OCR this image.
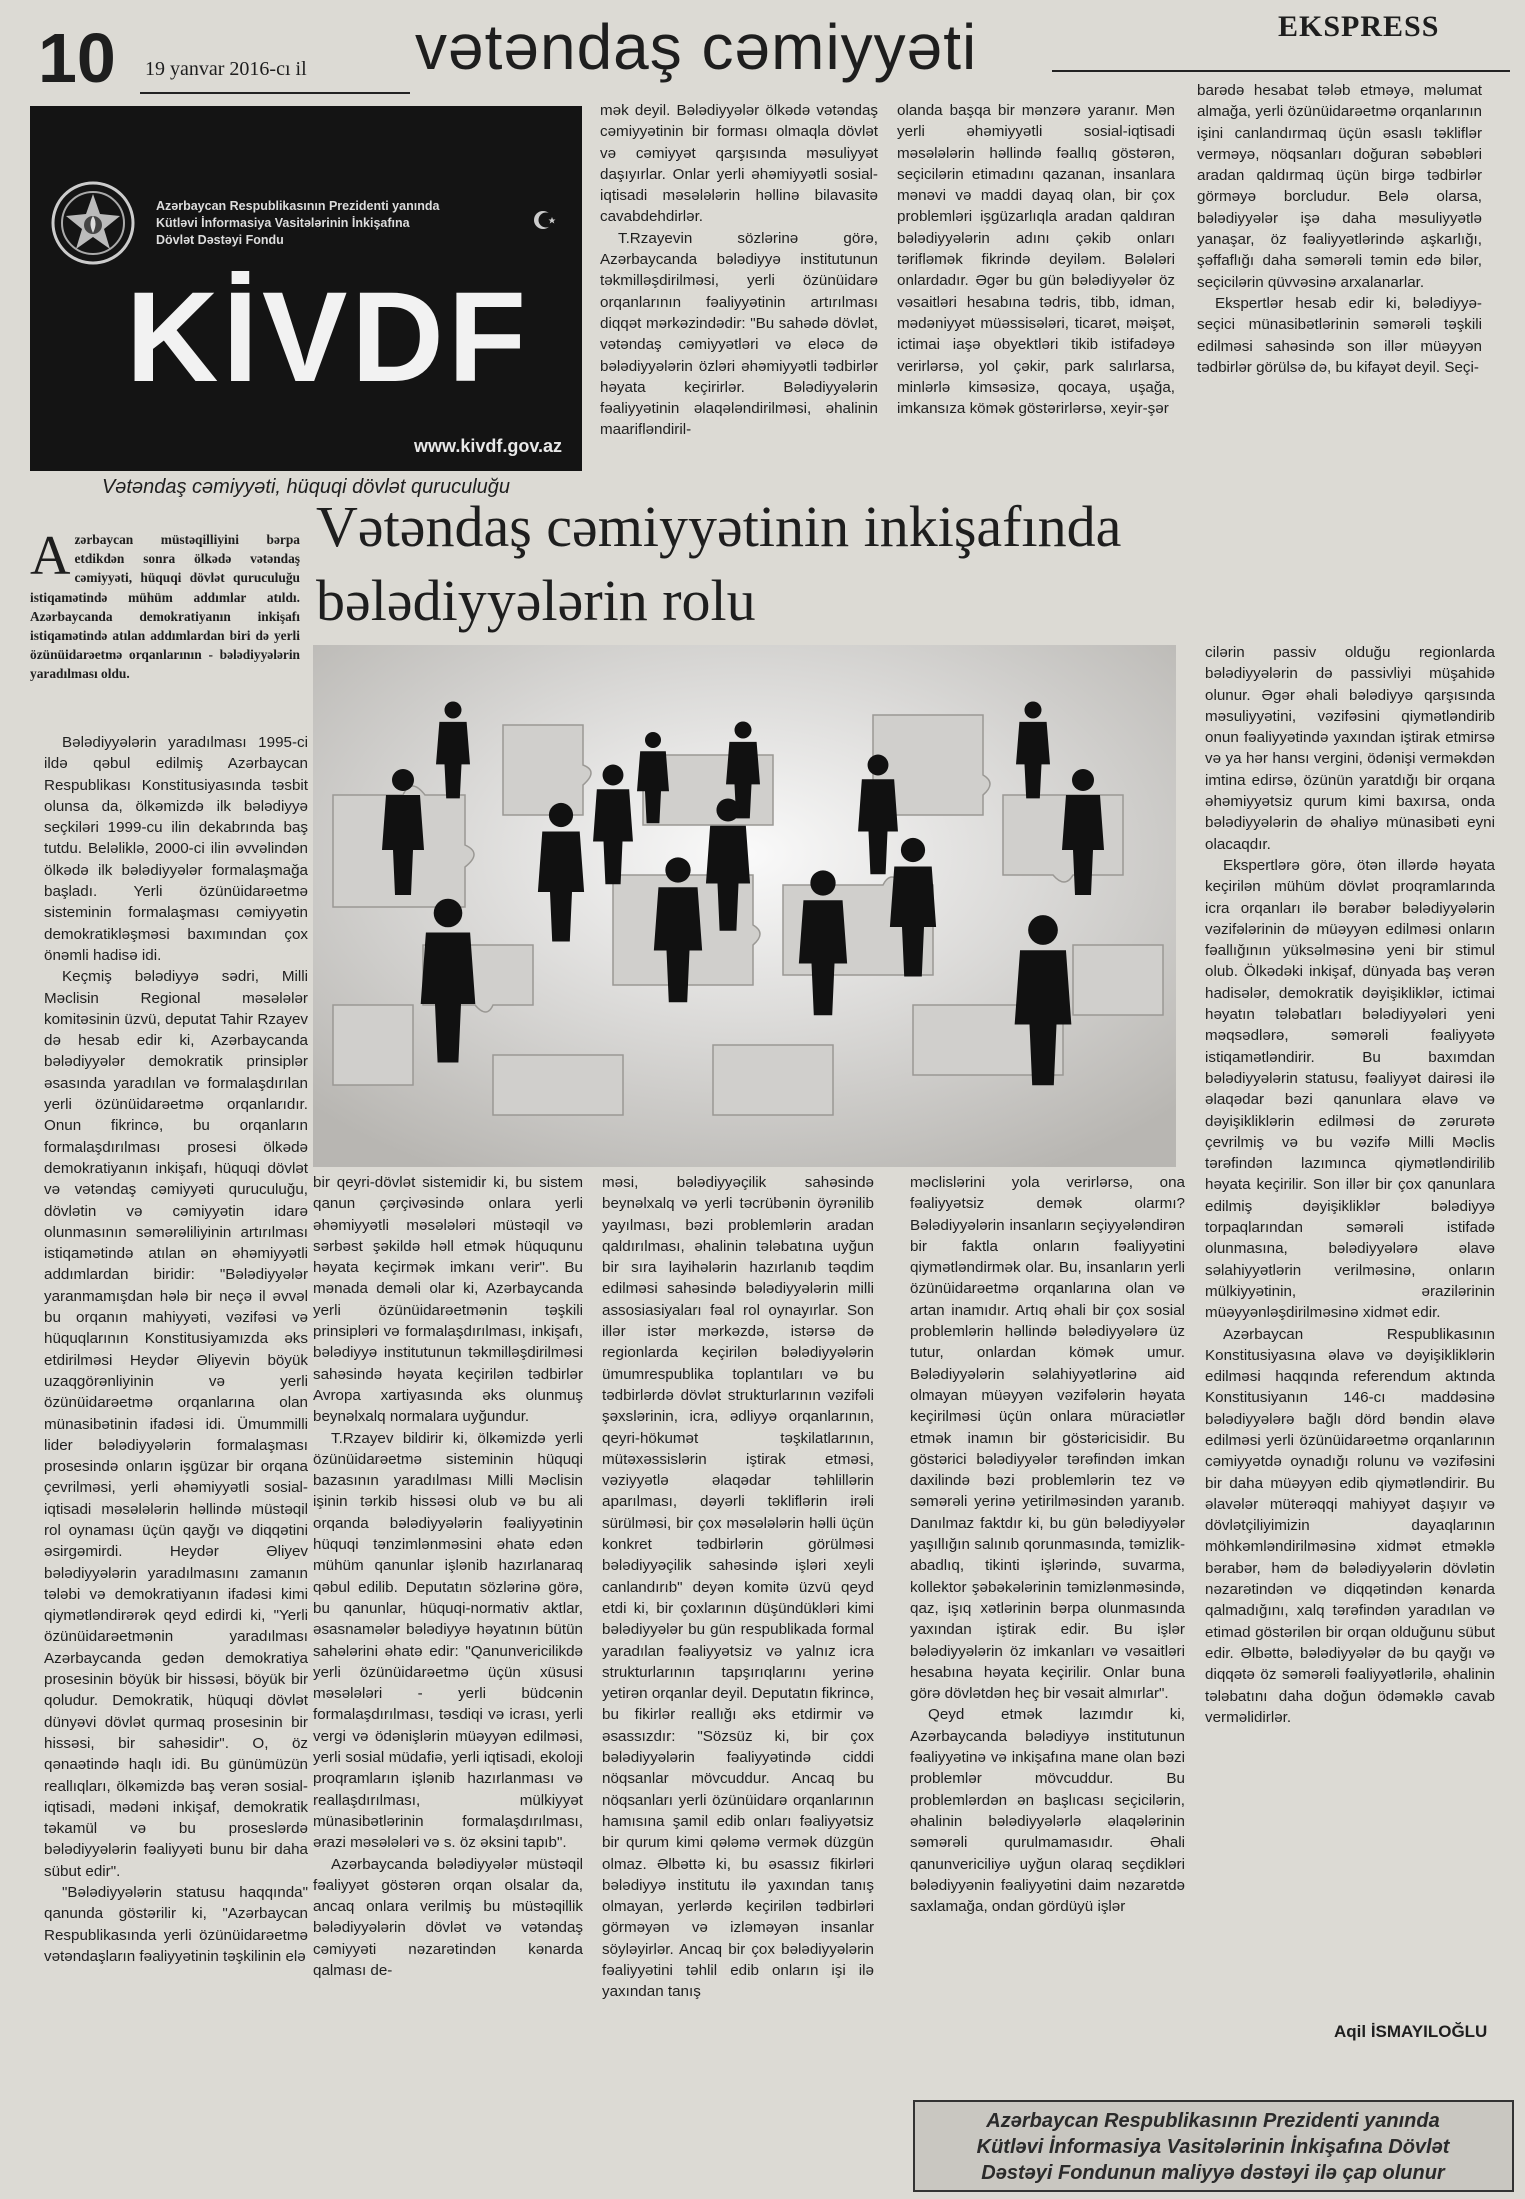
10 19 yanvar 2016-cı il vətəndaş cəmiyyəti	EKSPRESS
Azərbaycan Respublikasının Prezidenti yanında
Kütləvi İnformasiya Vasitələrinin İnkişafına
Dövlət Dəstəyi Fondu
KİVDF
www.kivdf.gov.az
Vətəndaş cəmiyyəti, hüquqi dövlət quruculuğu

mək deyil. Bələdiyyələr ölkədə vətəndaş cəmiyyətinin bir forması olmaqla dövlət və cəmiyyət qarşısında məsuliyyət daşıyırlar. Onlar yerli əhəmiyyətli sosial-iqtisadi məsələlərin həllinə bilavasitə cavabdehdirlər.

T.Rzayevin sözlərinə görə, Azərbaycanda bələdiyyə institutunun təkmilləşdirilməsi, yerli özünüidarə orqanlarının fəaliyyətinin artırılması diqqət mərkəzindədir: "Bu sahədə dövlət, vətəndaş cəmiyyətləri və eləcə də bələdiyyələrin özləri əhəmiyyətli tədbirlər həyata keçirirlər. Bələdiyyələrin fəaliyyətinin əlaqələndirilməsi, əhalinin maarifləndiril-

olanda başqa bir mənzərə yaranır. Mən yerli əhəmiyyətli sosial-iqtisadi məsələlərin həllində fəallıq göstərən, seçicilərin etimadını qazanan, insanlara mənəvi və maddi dayaq olan, bir çox problemləri işgüzarlıqla aradan qaldıran bələdiyyələrin adını çəkib onları tərifləmək fikrində deyiləm. Bələləri onlardadır. Əgər bu gün bələdiyyələr öz vəsaitləri hesabına tədris, tibb, idman, mədəniyyət müəssisələri, ticarət, məişət, ictimai iaşə obyektləri tikib istifadəyə verirlərsə, yol çəkir, park salırlarsa, minlərlə kimsəsizə, qocaya, uşağa, imkansıza kömək göstərirlərsə, xeyir-şər

barədə hesabat tələb etməyə, məlumat almağa, yerli özünüidarəetmə orqanlarının işini canlandırmaq üçün əsaslı təkliflər verməyə, nöqsanları doğuran səbəbləri aradan qaldırmaq üçün birgə tədbirlər görməyə borcludur. Belə olarsa, bələdiyyələr işə daha məsuliyyətlə yanaşar, öz fəaliyyətlərində aşkarlığı, şəffaflığı daha səmərəli təmin edə bilər, seçicilərin qüvvəsinə arxalanarlar.

Ekspertlər hesab edir ki, bələdiyyə-seçici münasibətlərinin səmərəli təşkili edilməsi sahəsində son illər müəyyən tədbirlər görülsə də, bu kifayət deyil. Seçi-

Vətəndaş cəmiyyətinin inkişafında
bələdiyyələrin rolu
Azərbaycan müstəqilliyini bərpa etdikdən sonra ölkədə vətəndaş cəmiyyəti, hüquqi dövlət quruculuğu istiqamətində mühüm addımlar atıldı. Azərbaycanda demokratiyanın inkişafı istiqamətində atılan addımlardan biri də yerli özünüidarəetmə orqanlarının - bələdiyyələrin yaradılması oldu.

Bələdiyyələrin yaradılması 1995-ci ildə qəbul edilmiş Azərbaycan Respublikası Konstitusiyasında təsbit olunsa da, ölkəmizdə ilk bələdiyyə seçkiləri 1999-cu ilin dekabrında baş tutdu. Beləliklə, 2000-ci ilin əvvəlindən ölkədə ilk bələdiyyələr formalaşmağa başladı. Yerli özünüidarəetmə sisteminin formalaşması cəmiyyətin demokratikləşməsi baxımından çox önəmli hadisə idi.

Keçmiş bələdiyyə sədri, Milli Məclisin Regional məsələlər komitəsinin üzvü, deputat Tahir Rzayev də hesab edir ki, Azərbaycanda bələdiyyələr demokratik prinsiplər əsasında yaradılan və formalaşdırılan yerli özünüidarəetmə orqanlarıdır. Onun fikrincə, bu orqanların formalaşdırılması prosesi ölkədə demokratiyanın inkişafı, hüquqi dövlət və vətəndaş cəmiyyəti quruculuğu, dövlətin və cəmiyyətin idarə olunmasının səmərəliliyinin artırılması istiqamətində atılan ən əhəmiyyətli addımlardan biridir: "Bələdiyyələr yaranmamışdan hələ bir neçə il əvvəl bu orqanın mahiyyəti, vəzifəsi və hüquqlarının Konstitusiyamızda əks etdirilməsi Heydər Əliyevin böyük uzaqgörənliyinin və yerli özünüidarəetmə orqanlarına olan münasibətinin ifadəsi idi. Ümummilli lider bələdiyyələrin formalaşması prosesində onların işgüzar bir orqana çevrilməsi, yerli əhəmiyyətli sosial-iqtisadi məsələlərin həllində müstəqil rol oynaması üçün qayğı və diqqətini əsirgəmirdi. Heydər Əliyev bələdiyyələrin yaradılmasını zamanın tələbi və demokratiyanın ifadəsi kimi qiymətləndirərək qeyd edirdi ki, "Yerli özünüidarəetmənin yaradılması Azərbaycanda gedən demokratiya prosesinin böyük bir hissəsi, böyük bir qoludur. Demokratik, hüquqi dövlət dünyəvi dövlət qurmaq prosesinin bir hissəsi, bir sahəsidir". O, öz qənaətində haqlı idi. Bu günümüzün reallıqları, ölkəmizdə baş verən sosial-iqtisadi, mədəni inkişaf, demokratik təkamül və bu proseslərdə bələdiyyələrin fəaliyyəti bunu bir daha sübut edir".

"Bələdiyyələrin statusu haqqında" qanunda göstərilir ki, "Azərbaycan Respublikasında yerli özünüidarəetmə vətəndaşların fəaliyyətinin təşkilinin elə

bir qeyri-dövlət sistemidir ki, bu sistem qanun çərçivəsində onlara yerli əhəmiyyətli məsələləri müstəqil və sərbəst şəkildə həll etmək hüququnu həyata keçirmək imkanı verir". Bu mənada deməli olar ki, Azərbaycanda yerli özünüidarəetmənin təşkili prinsipləri və formalaşdırılması, inkişafı, bələdiyyə institutunun təkmilləşdirilməsi sahəsində həyata keçirilən tədbirlər Avropa xartiyasında əks olunmuş beynəlxalq normalara uyğundur.

T.Rzayev bildirir ki, ölkəmizdə yerli özünüidarəetmə sisteminin hüquqi bazasının yaradılması Milli Məclisin işinin tərkib hissəsi olub və bu ali orqanda bələdiyyələrin fəaliyyətinin hüquqi tənzimlənməsini əhatə edən mühüm qanunlar işlənib hazırlanaraq qəbul edilib. Deputatın sözlərinə görə, bu qanunlar, hüquqi-normativ aktlar, əsasnamələr bələdiyyə həyatının bütün sahələrini əhatə edir: "Qanunvericilikdə yerli özünüidarəetmə üçün xüsusi məsələləri - yerli büdcənin formalaşdırılması, təsdiqi və icrası, yerli vergi və ödənişlərin müəyyən edilməsi, yerli sosial müdafiə, yerli iqtisadi, ekoloji proqramların işlənib hazırlanması və reallaşdırılması, mülkiyyət münasibətlərinin formalaşdırılması, ərazi məsələləri və s. öz əksini tapıb".

Azərbaycanda bələdiyyələr müstəqil fəaliyyət göstərən orqan olsalar da, ancaq onlara verilmiş bu müstəqillik bələdiyyələrin dövlət və vətəndaş cəmiyyəti nəzarətindən kənarda qalması de-

məsi, bələdiyyəçilik sahəsində beynəlxalq və yerli təcrübənin öyrənilib yayılması, bəzi problemlərin aradan qaldırılması, əhalinin tələbatına uyğun bir sıra layihələrin hazırlanıb təqdim edilməsi sahəsində bələdiyyələrin milli assosiasiyaları fəal rol oynayırlar. Son illər istər mərkəzdə, istərsə də regionlarda keçirilən bələdiyyələrin ümumrespublika toplantıları və bu tədbirlərdə dövlət strukturlarının vəzifəli şəxslərinin, icra, ədliyyə orqanlarının, qeyri-hökumət təşkilatlarının, mütəxəssislərin iştirak etməsi, vəziyyətlə əlaqədar təhlillərin aparılması, dəyərli təkliflərin irəli sürülməsi, bir çox məsələlərin həlli üçün konkret tədbirlərin görülməsi bələdiyyəçilik sahəsində işləri xeyli canlandırıb" deyən komitə üzvü qeyd etdi ki, bir çoxlarının düşündükləri kimi bələdiyyələr bu gün respublikada formal yaradılan fəaliyyətsiz və yalnız icra strukturlarının tapşırıqlarını yerinə yetirən orqanlar deyil. Deputatın fikrincə, bu fikirlər reallığı əks etdirmir və əsassızdır: "Sözsüz ki, bir çox bələdiyyələrin fəaliyyətində ciddi nöqsanlar mövcuddur. Ancaq bu nöqsanları yerli özünüidarə orqanlarının hamısına şamil edib onları fəaliyyətsiz bir qurum kimi qələmə vermək düzgün olmaz. Əlbəttə ki, bu əsassız fikirləri bələdiyyə institutu ilə yaxından tanış olmayan, yerlərdə keçirilən tədbirləri görməyən və izləməyən insanlar söyləyirlər. Ancaq bir çox bələdiyyələrin fəaliyyətini təhlil edib onların işi ilə yaxından tanış

məclislərini yola verirlərsə, ona fəaliyyətsiz demək olarmı? Bələdiyyələrin insanların seçiyyələndirən bir faktla onların fəaliyyətini qiymətləndirmək olar. Bu, insanların yerli özünüidarəetmə orqanlarına olan və artan inamıdır. Artıq əhali bir çox sosial problemlərin həllində bələdiyyələrə üz tutur, onlardan kömək umur. Bələdiyyələrin səlahiyyətlərinə aid olmayan müəyyən vəzifələrin həyata keçirilməsi üçün onlara müraciətlər etmək inamın bir göstəricisidir. Bu göstərici bələdiyyələr tərəfindən imkan daxilində bəzi problemlərin tez və səmərəli yerinə yetirilməsindən yaranıb. Danılmaz faktdır ki, bu gün bələdiyyələr yaşıllığın salınıb qorunmasında, təmizlik-abadlıq, tikinti işlərində, suvarma, kollektor şəbəkələrinin təmizlənməsində, qaz, işıq xətlərinin bərpa olunmasında yaxından iştirak edir. Bu işlər bələdiyyələrin öz imkanları və vəsaitləri hesabına həyata keçirilir. Onlar buna görə dövlətdən heç bir vəsait almırlar".

Qeyd etmək lazımdır ki, Azərbaycanda bələdiyyə institutunun fəaliyyətinə və inkişafına mane olan bəzi problemlər mövcuddur. Bu problemlərdən ən başlıcası seçicilərin, əhalinin bələdiyyələrlə əlaqələrinin səmərəli qurulmamasıdır. Əhali qanunvericiliyə uyğun olaraq seçdikləri bələdiyyənin fəaliyyətini daim nəzarətdə saxlamağa, ondan gördüyü işlər

cilərin passiv olduğu regionlarda bələdiyyələrin də passivliyi müşahidə olunur. Əgər əhali bələdiyyə qarşısında məsuliyyətini, vəzifəsini qiymətləndirib onun fəaliyyətində yaxından iştirak etmirsə və ya hər hansı vergini, ödənişi verməkdən imtina edirsə, özünün yaratdığı bir orqana əhəmiyyətsiz qurum kimi baxırsa, onda bələdiyyələrin də əhaliyə münasibəti eyni olacaqdır.

Ekspertlərə görə, ötən illərdə həyata keçirilən mühüm dövlət proqramlarında icra orqanları ilə bərabər bələdiyyələrin vəzifələrinin də müəyyən edilməsi onların fəallığının yüksəlməsinə yeni bir stimul olub. Ölkədəki inkişaf, dünyada baş verən hadisələr, demokratik dəyişikliklər, ictimai həyatın tələbatları bələdiyyələri yeni məqsədlərə, səmərəli fəaliyyətə istiqamətləndirir. Bu baxımdan bələdiyyələrin statusu, fəaliyyət dairəsi ilə əlaqədar bəzi qanunlara əlavə və dəyişikliklərin edilməsi də zərurətə çevrilmiş və bu vəzifə Milli Məclis tərəfindən lazımınca qiymətləndirilib həyata keçirilir. Son illər bir çox qanunlara edilmiş dəyişikliklər bələdiyyə torpaqlarından səmərəli istifadə olunmasına, bələdiyyələrə əlavə səlahiyyətlərin verilməsinə, onların mülkiyyətinin, ərazilərinin müəyyənləşdirilməsinə xidmət edir.

Azərbaycan Respublikasının Konstitusiyasına əlavə və dəyişikliklərin edilməsi haqqında referendum aktında Konstitusiyanın 146-cı maddəsinə bələdiyyələrə bağlı dörd bəndin əlavə edilməsi yerli özünüidarəetmə orqanlarının cəmiyyətdə oynadığı rolunu və vəzifəsini bir daha müəyyən edib qiymətləndirir. Bu əlavələr müterəqqi mahiyyət daşıyır və dövlətçiliyimizin dayaqlarının möhkəmləndirilməsinə xidmət etməklə bərabər, həm də bələdiyyələrin dövlətin nəzarətindən və diqqətindən kənarda qalmadığını, xalq tərəfindən yaradılan və etimad göstərilən bir orqan olduğunu sübut edir. Əlbəttə, bələdiyyələr də bu qayğı və diqqətə öz səmərəli fəaliyyətlərilə, əhalinin tələbatını daha doğun ödəməklə cavab verməlidirlər.

Aqil İSMAYILOĞLU
Azərbaycan Respublikasının Prezidenti yanında
Kütləvi İnformasiya Vasitələrinin İnkişafına Dövlət
Dəstəyi Fondunun maliyyə dəstəyi ilə çap olunur
